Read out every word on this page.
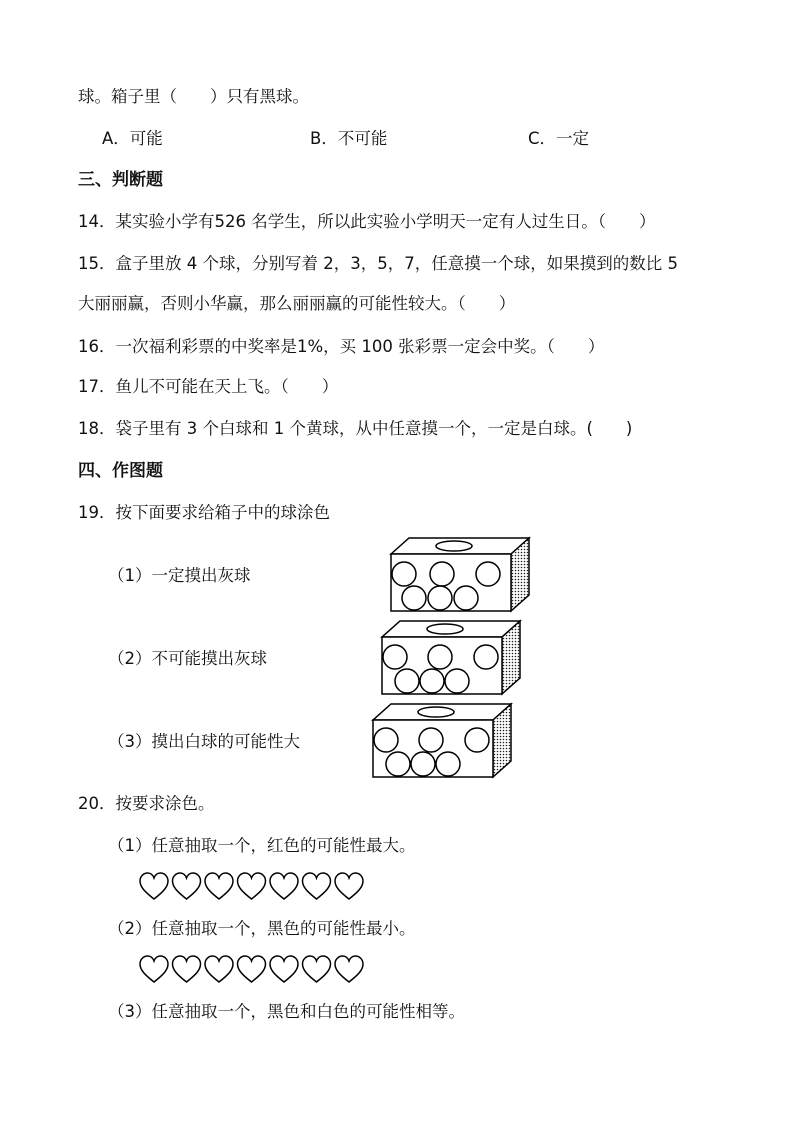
球。箱子里（　　）只有黑球。
A．可能	B．不可能	C．一定
三、判断题
14．某实验小学有526 名学生，所以此实验小学明天一定有人过生日。（　　）
15．盒子里放 4 个球，分别写着 2，3，5，7，任意摸一个球，如果摸到的数比 5
大丽丽赢，否则小华赢，那么丽丽赢的可能性较大。（　　）
16．一次福利彩票的中奖率是1%，买 100 张彩票一定会中奖。（　　）
17．鱼儿不可能在天上飞。（　　）
18．袋子里有 3 个白球和 1 个黄球，从中任意摸一个，一定是白球。(　　)
四、作图题
19．按下面要求给箱子中的球涂色
（1）一定摸出灰球
（2）不可能摸出灰球
（3）摸出白球的可能性大
20．按要求涂色。
（1）任意抽取一个，红色的可能性最大。
（2）任意抽取一个，黑色的可能性最小。
（3）任意抽取一个，黑色和白色的可能性相等。
